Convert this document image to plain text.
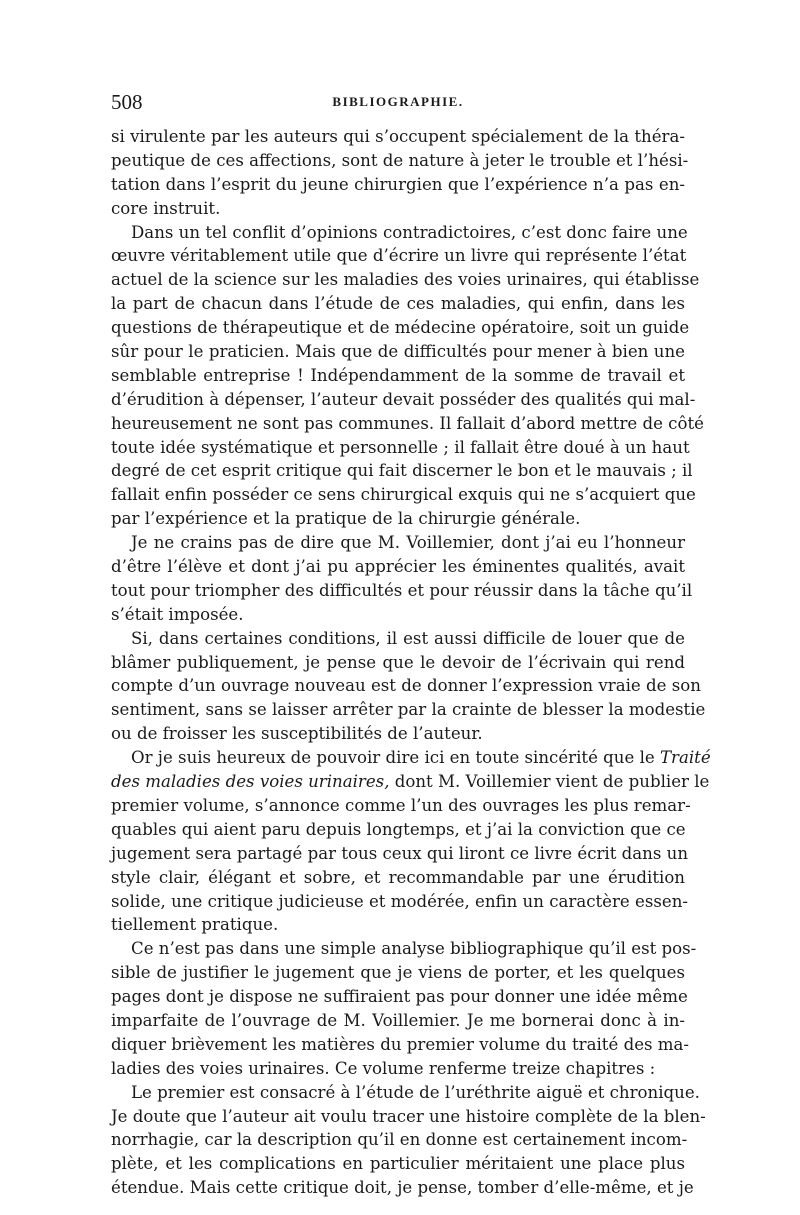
508	BIBLIOGRAPHIE.
si virulente par les auteurs qui s’occupent spécialement de la théra-
peutique de ces affections, sont de nature à jeter le trouble et l’hési-
tation dans l’esprit du jeune chirurgien que l’expérience n’a pas en-
core instruit.
Dans un tel conflit d’opinions contradictoires, c’est donc faire une
œuvre véritablement utile que d’écrire un livre qui représente l’état
actuel de la science sur les maladies des voies urinaires, qui établisse
la part de chacun dans l’étude de ces maladies, qui enfin, dans les
questions de thérapeutique et de médecine opératoire, soit un guide
sûr pour le praticien. Mais que de difficultés pour mener à bien une
semblable entreprise ! Indépendamment de la somme de travail et
d’érudition à dépenser, l’auteur devait posséder des qualités qui mal-
heureusement ne sont pas communes. Il fallait d’abord mettre de côté
toute idée systématique et personnelle ; il fallait être doué à un haut
degré de cet esprit critique qui fait discerner le bon et le mauvais ; il
fallait enfin posséder ce sens chirurgical exquis qui ne s’acquiert que
par l’expérience et la pratique de la chirurgie générale.
Je ne crains pas de dire que M. Voillemier, dont j’ai eu l’honneur
d’être l’élève et dont j’ai pu apprécier les éminentes qualités, avait
tout pour triompher des difficultés et pour réussir dans la tâche qu’il
s’était imposée.
Si, dans certaines conditions, il est aussi difficile de louer que de
blâmer publiquement, je pense que le devoir de l’écrivain qui rend
compte d’un ouvrage nouveau est de donner l’expression vraie de son
sentiment, sans se laisser arrêter par la crainte de blesser la modestie
ou de froisser les susceptibilités de l’auteur.
Or je suis heureux de pouvoir dire ici en toute sincérité que le Traité
des maladies des voies urinaires, dont M. Voillemier vient de publier le
premier volume, s’annonce comme l’un des ouvrages les plus remar-
quables qui aient paru depuis longtemps, et j’ai la conviction que ce
jugement sera partagé par tous ceux qui liront ce livre écrit dans un
style clair, élégant et sobre, et recommandable par une érudition
solide, une critique judicieuse et modérée, enfin un caractère essen-
tiellement pratique.
Ce n’est pas dans une simple analyse bibliographique qu’il est pos-
sible de justifier le jugement que je viens de porter, et les quelques
pages dont je dispose ne suffiraient pas pour donner une idée même
imparfaite de l’ouvrage de M. Voillemier. Je me bornerai donc à in-
diquer brièvement les matières du premier volume du traité des ma-
ladies des voies urinaires. Ce volume renferme treize chapitres :
Le premier est consacré à l’étude de l’uréthrite aiguë et chronique.
Je doute que l’auteur ait voulu tracer une histoire complète de la blen-
norrhagie, car la description qu’il en donne est certainement incom-
plète, et les complications en particulier méritaient une place plus
étendue. Mais cette critique doit, je pense, tomber d’elle-même, et je
